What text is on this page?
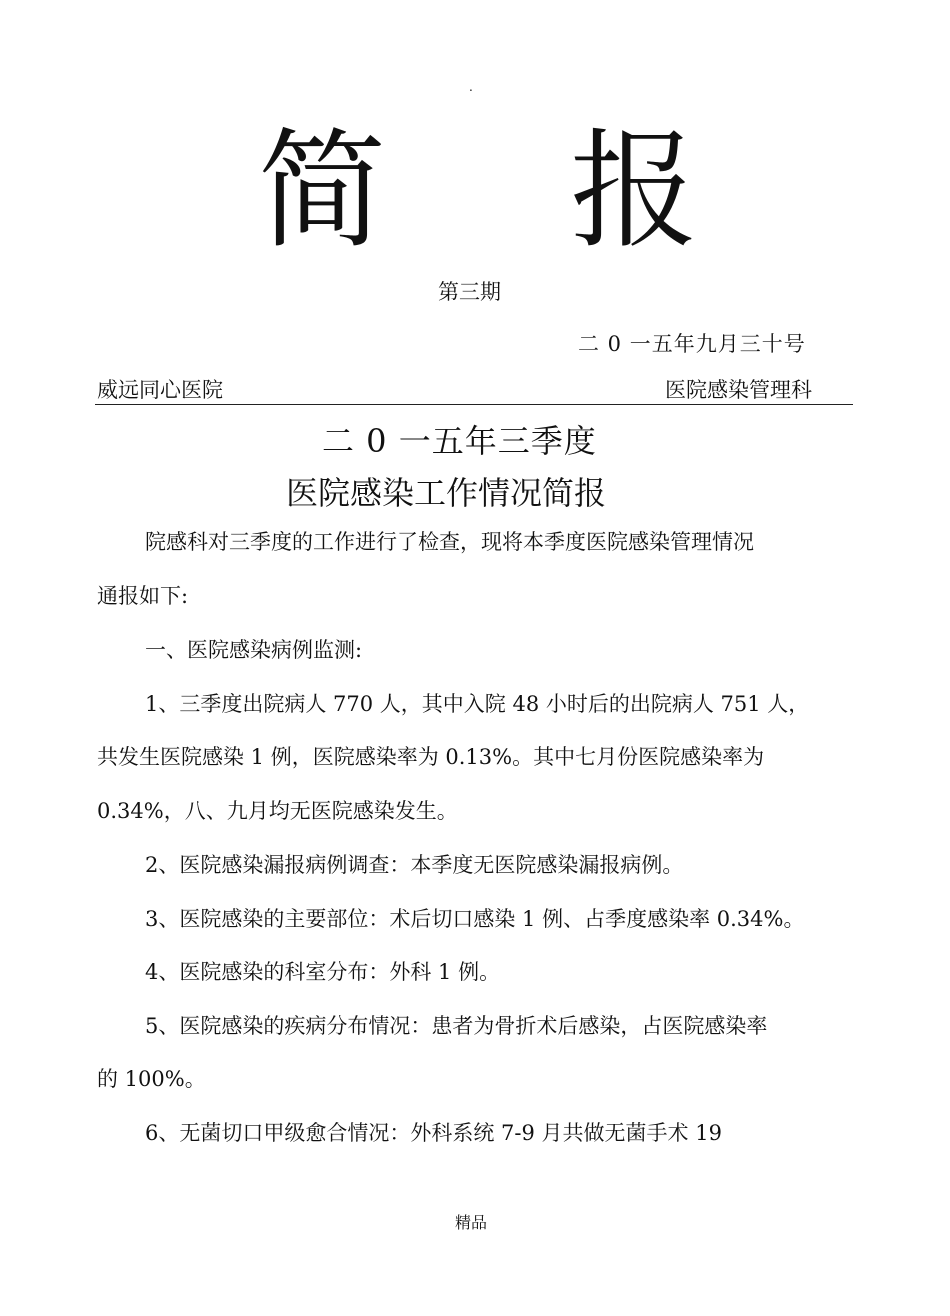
.
简 报
第三期
二 0 一五年九月三十号
威远同心医院	医院感染管理科
二 0 一五年三季度
医院感染工作情况简报
院感科对三季度的工作进行了检查，现将本季度医院感染管理情况
通报如下:
一、医院感染病例监测:
1、三季度出院病人 770 人，其中入院 48 小时后的出院病人 751 人，
共发生医院感染 1 例，医院感染率为 0.13%。其中七月份医院感染率为
0.34%，八、九月均无医院感染发生。
2、医院感染漏报病例调查：本季度无医院感染漏报病例。
3、医院感染的主要部位：术后切口感染 1 例、占季度感染率 0.34%。
4、医院感染的科室分布：外科 1 例。
5、医院感染的疾病分布情况：患者为骨折术后感染，占医院感染率
的 100%。
6、无菌切口甲级愈合情况：外科系统 7-9 月共做无菌手术 19
精品
